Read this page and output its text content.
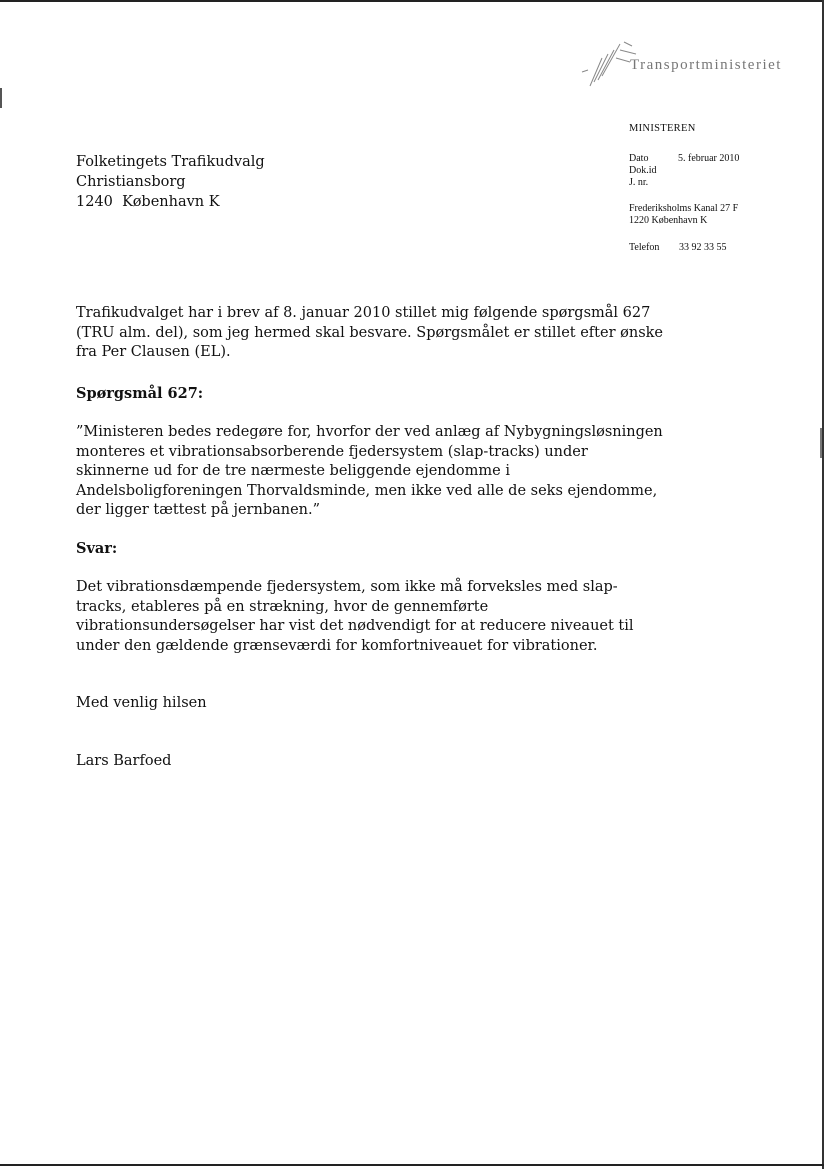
Transportministeriet
MINISTEREN
Dato	5. februar 2010
Dok.id
J. nr.
Frederiksholms Kanal 27 F
1220 København K
Telefon	33 92 33 55
Folketingets Trafikudvalg
Christiansborg
1240  København K
Trafikudvalget har i brev af 8. januar 2010 stillet mig følgende spørgsmål 627
(TRU alm. del), som jeg hermed skal besvare. Spørgsmålet er stillet efter ønske
fra Per Clausen (EL).
Spørgsmål 627:
”Ministeren bedes redegøre for, hvorfor der ved anlæg af Nybygningsløsningen
monteres et vibrationsabsorberende fjedersystem (slap-tracks) under
skinnerne ud for de tre nærmeste beliggende ejendomme i
Andelsboligforeningen Thorvaldsminde, men ikke ved alle de seks ejendomme,
der ligger tættest på jernbanen.”
Svar:
Det vibrationsdæmpende fjedersystem, som ikke må forveksles med slap-
tracks, etableres på en strækning, hvor de gennemførte
vibrationsundersøgelser har vist det nødvendigt for at reducere niveauet til
under den gældende grænseværdi for komfortniveauet for vibrationer.
Med venlig hilsen
Lars Barfoed
